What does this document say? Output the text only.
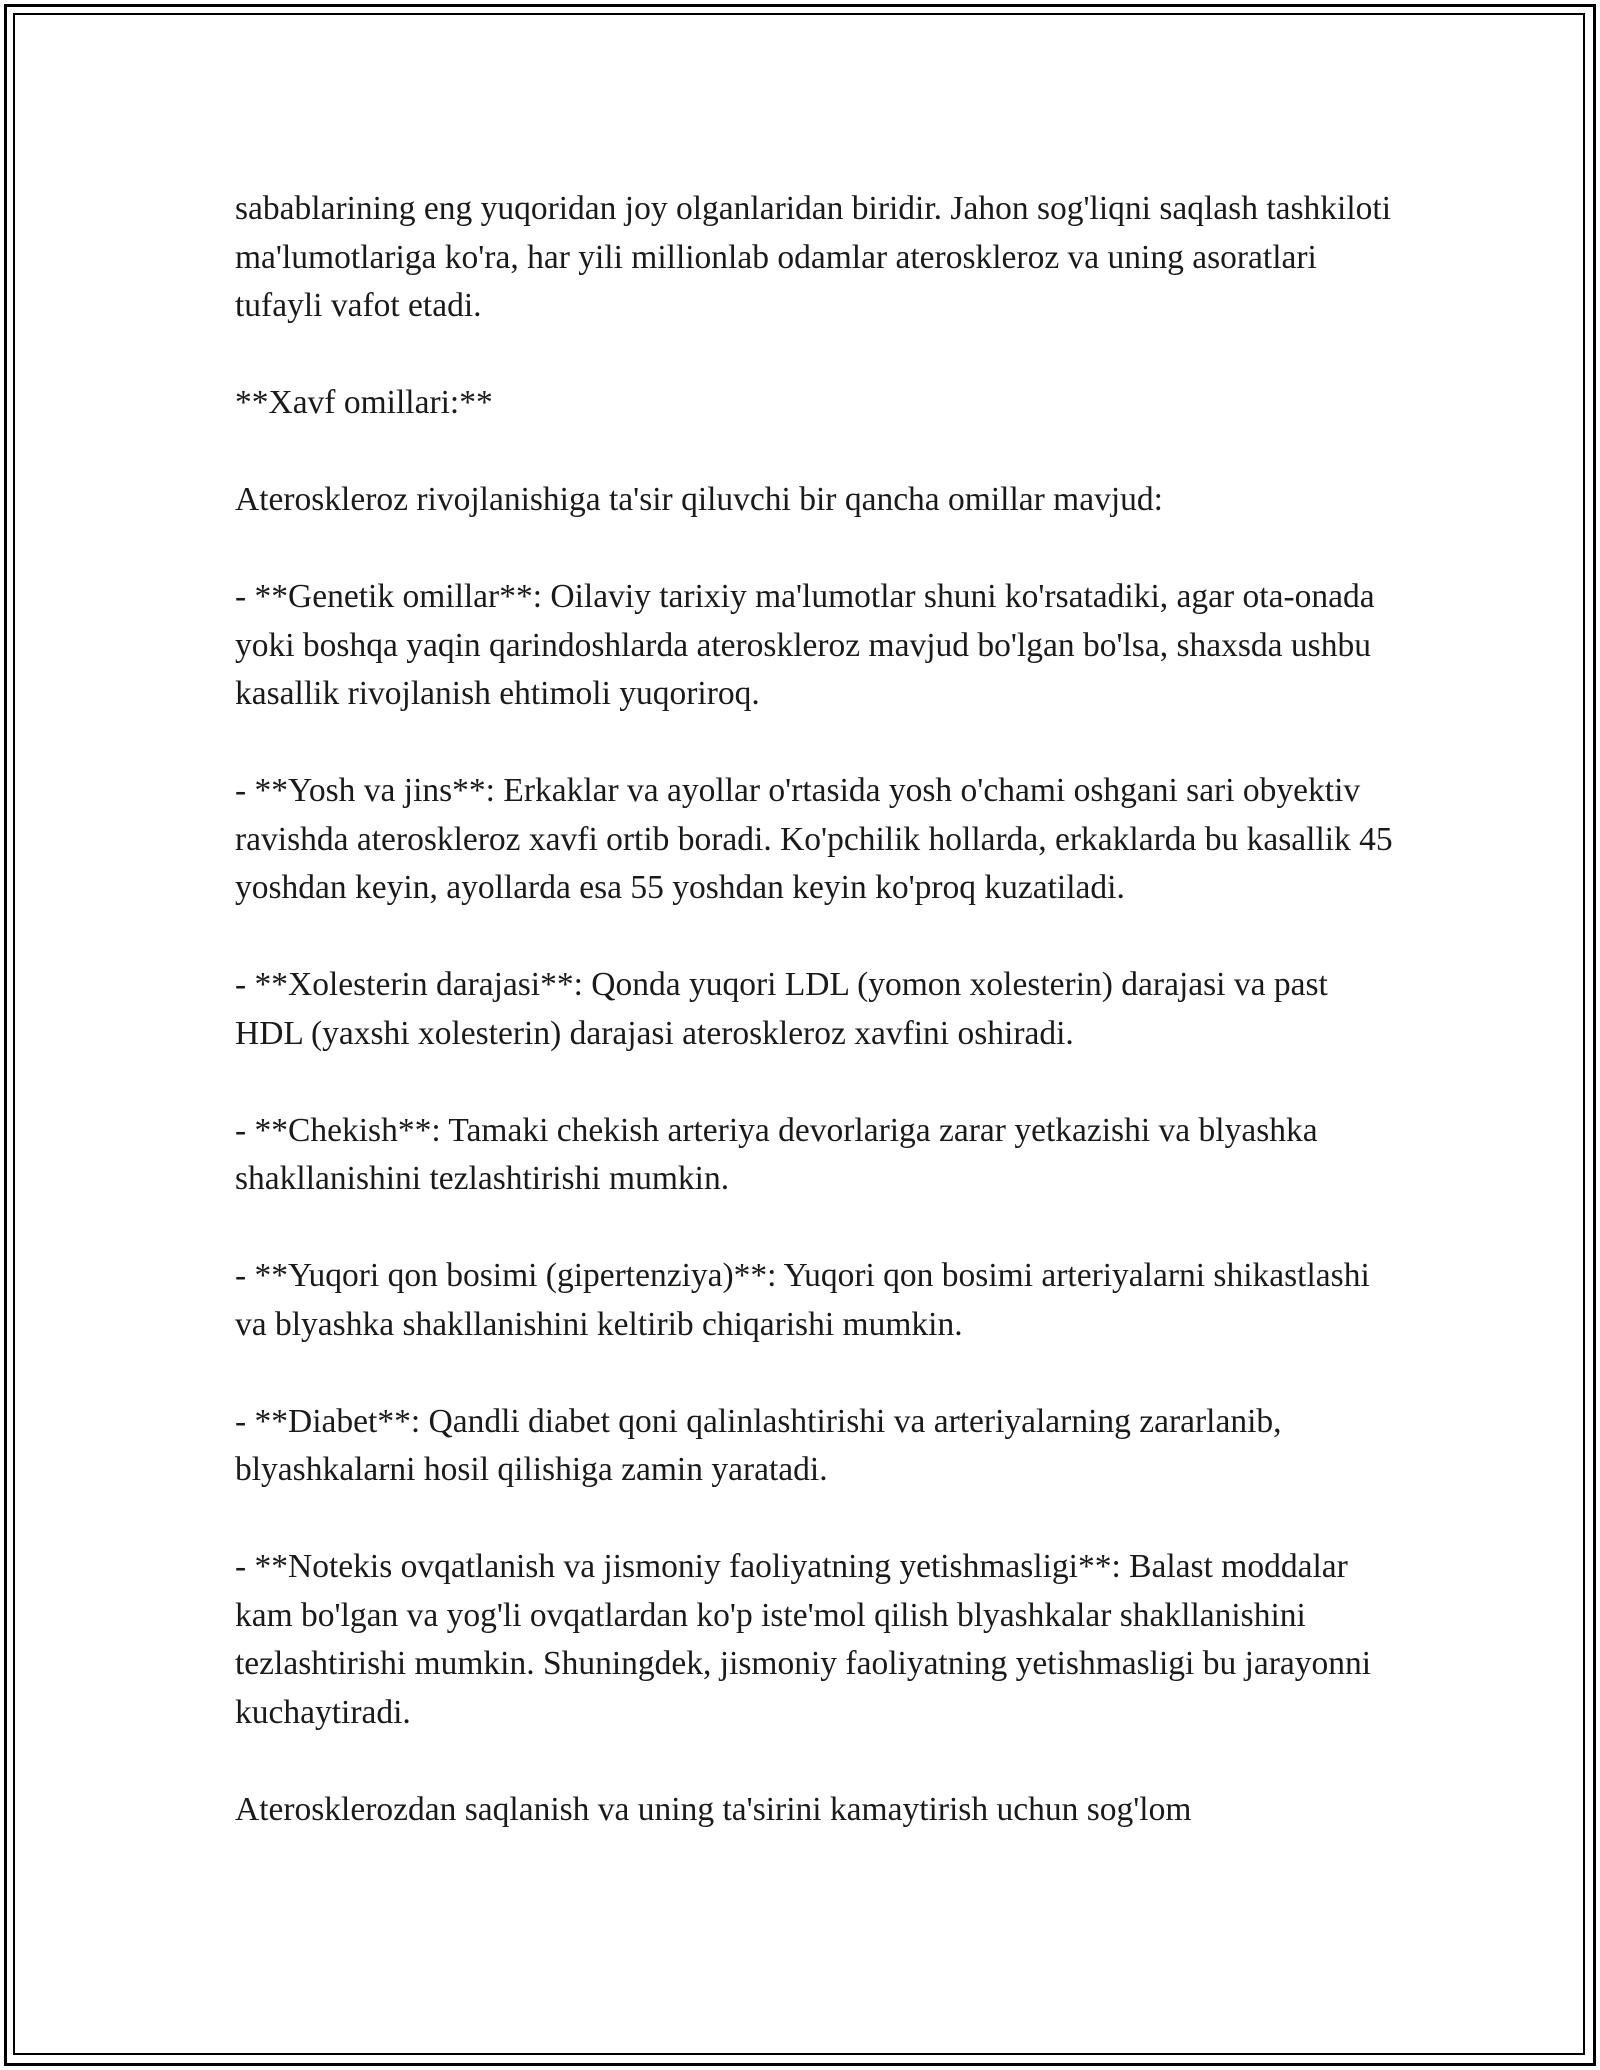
sabablarining eng yuqoridan joy olganlaridan biridir. Jahon sog'liqni saqlash tashkiloti ma'lumotlariga ko'ra, har yili millionlab odamlar ateroskleroz va uning asoratlari tufayli vafot etadi.

**Xavf omillari:**

Ateroskleroz rivojlanishiga ta'sir qiluvchi bir qancha omillar mavjud:

- **Genetik omillar**: Oilaviy tarixiy ma'lumotlar shuni ko'rsatadiki, agar ota-onada yoki boshqa yaqin qarindoshlarda ateroskleroz mavjud bo'lgan bo'lsa, shaxsda ushbu kasallik rivojlanish ehtimoli yuqoriroq.

- **Yosh va jins**: Erkaklar va ayollar o'rtasida yosh o'chami oshgani sari obyektiv ravishda ateroskleroz xavfi ortib boradi. Ko'pchilik hollarda, erkaklarda bu kasallik 45 yoshdan keyin, ayollarda esa 55 yoshdan keyin ko'proq kuzatiladi.

- **Xolesterin darajasi**: Qonda yuqori LDL (yomon xolesterin) darajasi va past HDL (yaxshi xolesterin) darajasi ateroskleroz xavfini oshiradi.

- **Chekish**: Tamaki chekish arteriya devorlariga zarar yetkazishi va blyashka shakllanishini tezlashtirishi mumkin.

- **Yuqori qon bosimi (gipertenziya)**: Yuqori qon bosimi arteriyalarni shikastlashi va blyashka shakllanishini keltirib chiqarishi mumkin.

- **Diabet**: Qandli diabet qoni qalinlashtirishi va arteriyalarning zararlanib, blyashkalarni hosil qilishiga zamin yaratadi.

- **Notekis ovqatlanish va jismoniy faoliyatning yetishmasligi**: Balast moddalar kam bo'lgan va yog'li ovqatlardan ko'p iste'mol qilish blyashkalar shakllanishini tezlashtirishi mumkin. Shuningdek, jismoniy faoliyatning yetishmasligi bu jarayonni kuchaytiradi.

Aterosklerozdan saqlanish va uning ta'sirini kamaytirish uchun sog'lom
